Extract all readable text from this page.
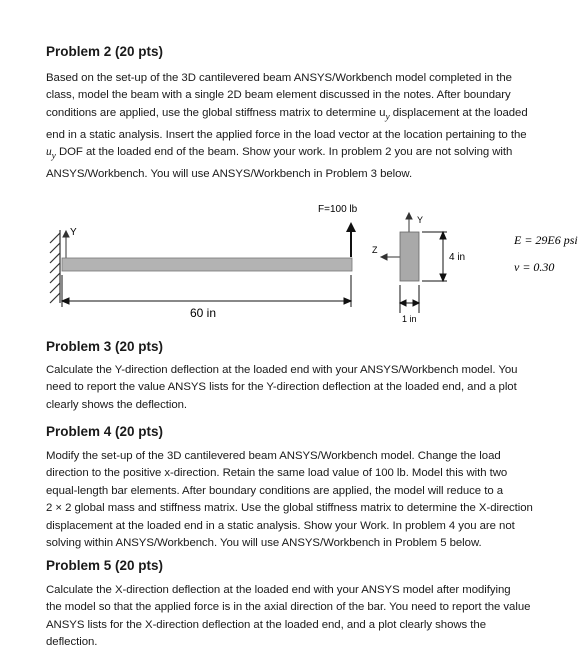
Problem 2 (20 pts)
Based on the set-up of the 3D cantilevered beam ANSYS/Workbench model completed in the
class, model the beam with a single 2D beam element discussed in the notes. After boundary
conditions are applied, use the global stiffness matrix to determine $u_y$ displacement at the loaded
end in a static analysis. Insert the applied force in the load vector at the location pertaining to the
$u_y$ DOF at the loaded end of the beam. Show your work. In problem 2 you are not solving with
ANSYS/Workbench. You will use ANSYS/Workbench in Problem 3 below.
Y
F=100 lb
60 in
Y
Z
4 in
1 in
E = 29E6 psi
ν = 0.30
Problem 3 (20 pts)
Calculate the Y-direction deflection at the loaded end with your ANSYS/Workbench model. You
need to report the value ANSYS lists for the Y-direction deflection at the loaded end, and a plot
clearly shows the deflection.
Problem 4 (20 pts)
Modify the set-up of the 3D cantilevered beam ANSYS/Workbench model. Change the load
direction to the positive x-direction. Retain the same load value of 100 lb. Model this with two
equal-length bar elements. After boundary conditions are applied, the model will reduce to a
2 × 2 global mass and stiffness matrix. Use the global stiffness matrix to determine the X-direction
displacement at the loaded end in a static analysis. Show your Work. In problem 4 you are not
solving within ANSYS/Workbench. You will use ANSYS/Workbench in Problem 5 below.
Problem 5 (20 pts)
Calculate the X-direction deflection at the loaded end with your ANSYS model after modifying
the model so that the applied force is in the axial direction of the bar. You need to report the value
ANSYS lists for the X-direction deflection at the loaded end, and a plot clearly shows the
deflection.
